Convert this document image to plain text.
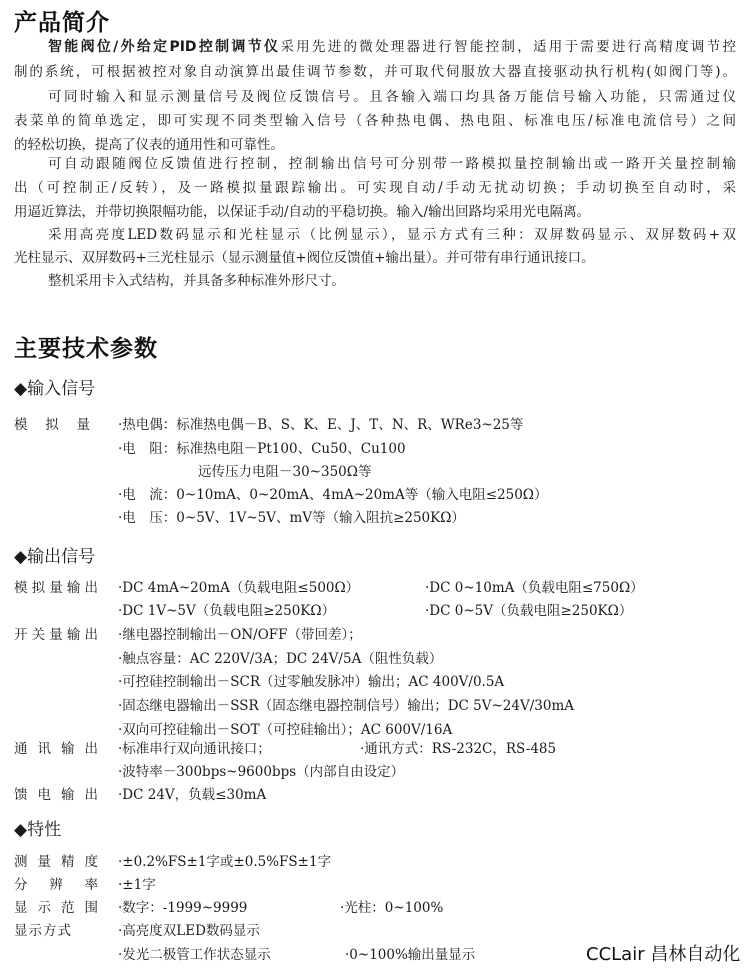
产品简介
智能阀位/外给定PID控制调节仪采用先进的微处理器进行智能控制，适用于需要进行高精度调节控
制的系统，可根据被控对象自动演算出最佳调节参数，并可取代伺服放大器直接驱动执行机构(如阀门等)。
可同时输入和显示测量信号及阀位反馈信号。且各输入端口均具备万能信号输入功能，只需通过仪
表菜单的简单选定，即可实现不同类型输入信号（各种热电偶、热电阻、标准电压/标准电流信号）之间
的轻松切换，提高了仪表的通用性和可靠性。
可自动跟随阀位反馈值进行控制，控制输出信号可分别带一路模拟量控制输出或一路开关量控制输
出（可控制正/反转），及一路模拟量跟踪输出。可实现自动/手动无扰动切换；手动切换至自动时，采
用逼近算法，并带切换限幅功能，以保证手动/自动的平稳切换。输入/输出回路均采用光电隔离。
采用高亮度LED数码显示和光柱显示（比例显示），显示方式有三种：双屏数码显示、双屏数码+双
光柱显示、双屏数码+三光柱显示（显示测量值+阀位反馈值+输出量）。并可带有串行通讯接口。
整机采用卡入式结构，并具备多种标准外形尺寸。
主要技术参数
◆输入信号
模拟量 ·热电偶：标准热电偶－B、S、K、E、J、T、N、R、WRe3~25等
·电　阻：标准热电阻－Pt100、Cu50、Cu100
远传压力电阻－30~350Ω等
·电　流：0~10mA、0~20mA、4mA~20mA等（输入电阻≤250Ω）
·电　压：0~5V、1V~5V、mV等（输入阻抗≥250KΩ）
◆输出信号
模拟量输出 ·DC 4mA~20mA（负载电阻≤500Ω）	·DC 0~10mA（负载电阻≤750Ω）
·DC 1V~5V（负载电阻≥250KΩ）	·DC 0~5V（负载电阻≥250KΩ）
开关量输出 ·继电器控制输出－ON/OFF（带回差）；
·触点容量：AC 220V/3A；DC 24V/5A（阻性负载）
·可控硅控制输出－SCR（过零触发脉冲）输出；AC 400V/0.5A
·固态继电器输出－SSR（固态继电器控制信号）输出；DC 5V~24V/30mA
·双向可控硅输出－SOT（可控硅输出）；AC 600V/16A
通讯输出 ·标准串行双向通讯接口；	·通讯方式：RS-232C，RS-485
·波特率－300bps~9600bps（内部自由设定）
馈电输出 ·DC 24V，负载≤30mA
◆特性
测量精度 ·±0.2%FS±1字或±0.5%FS±1字
分辨率 ·±1字
显示范围 ·数字：-1999~9999	·光柱：0~100%
显示方式	·高亮度双LED数码显示
·发光二极管工作状态显示	·0~100%输出量显示	CCLair 昌林自动化
